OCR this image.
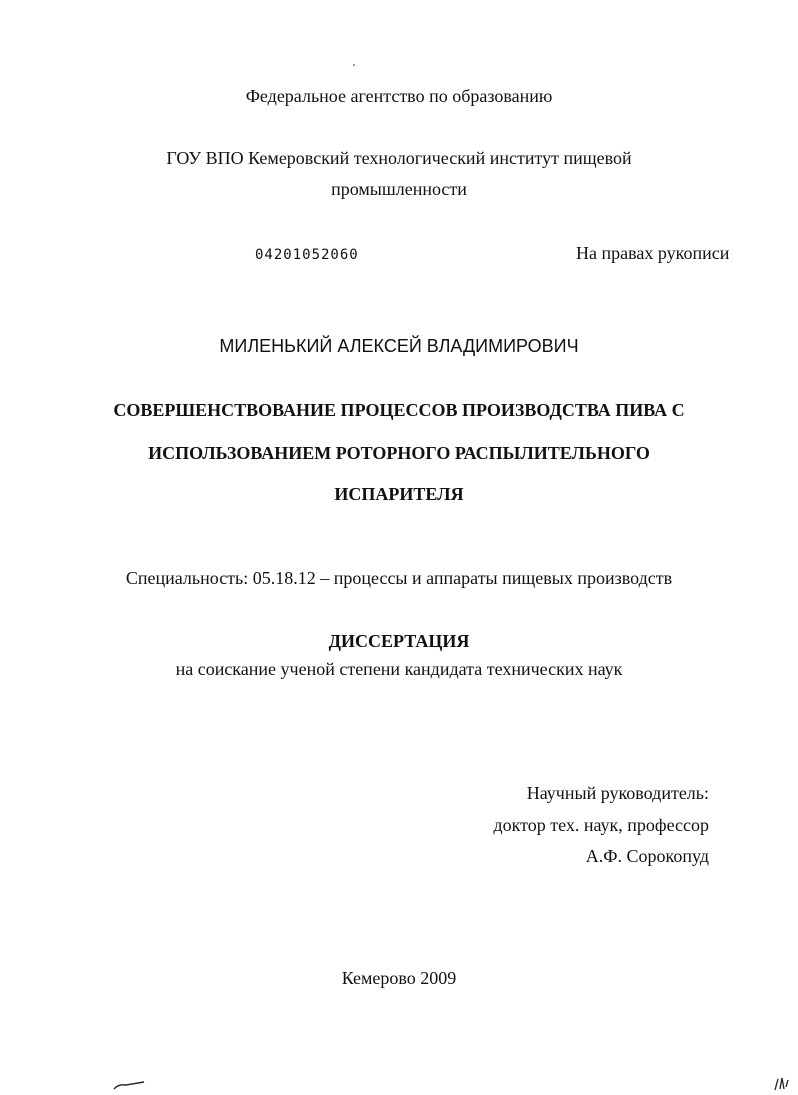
Федеральное агентство по образованию
ГОУ ВПО Кемеровский технологический институт пищевой
промышленности
04201052060	На правах рукописи
МИЛЕНЬКИЙ АЛЕКСЕЙ ВЛАДИМИРОВИЧ
СОВЕРШЕНСТВОВАНИЕ ПРОЦЕССОВ ПРОИЗВОДСТВА ПИВА С
ИСПОЛЬЗОВАНИЕМ РОТОРНОГО РАСПЫЛИТЕЛЬНОГО
ИСПАРИТЕЛЯ
Специальность: 05.18.12 – процессы и аппараты пищевых производств
ДИССЕРТАЦИЯ
на соискание ученой степени кандидата технических наук
Научный руководитель:
доктор тех. наук, профессор
А.Ф. Сорокопуд
Кемерово 2009
